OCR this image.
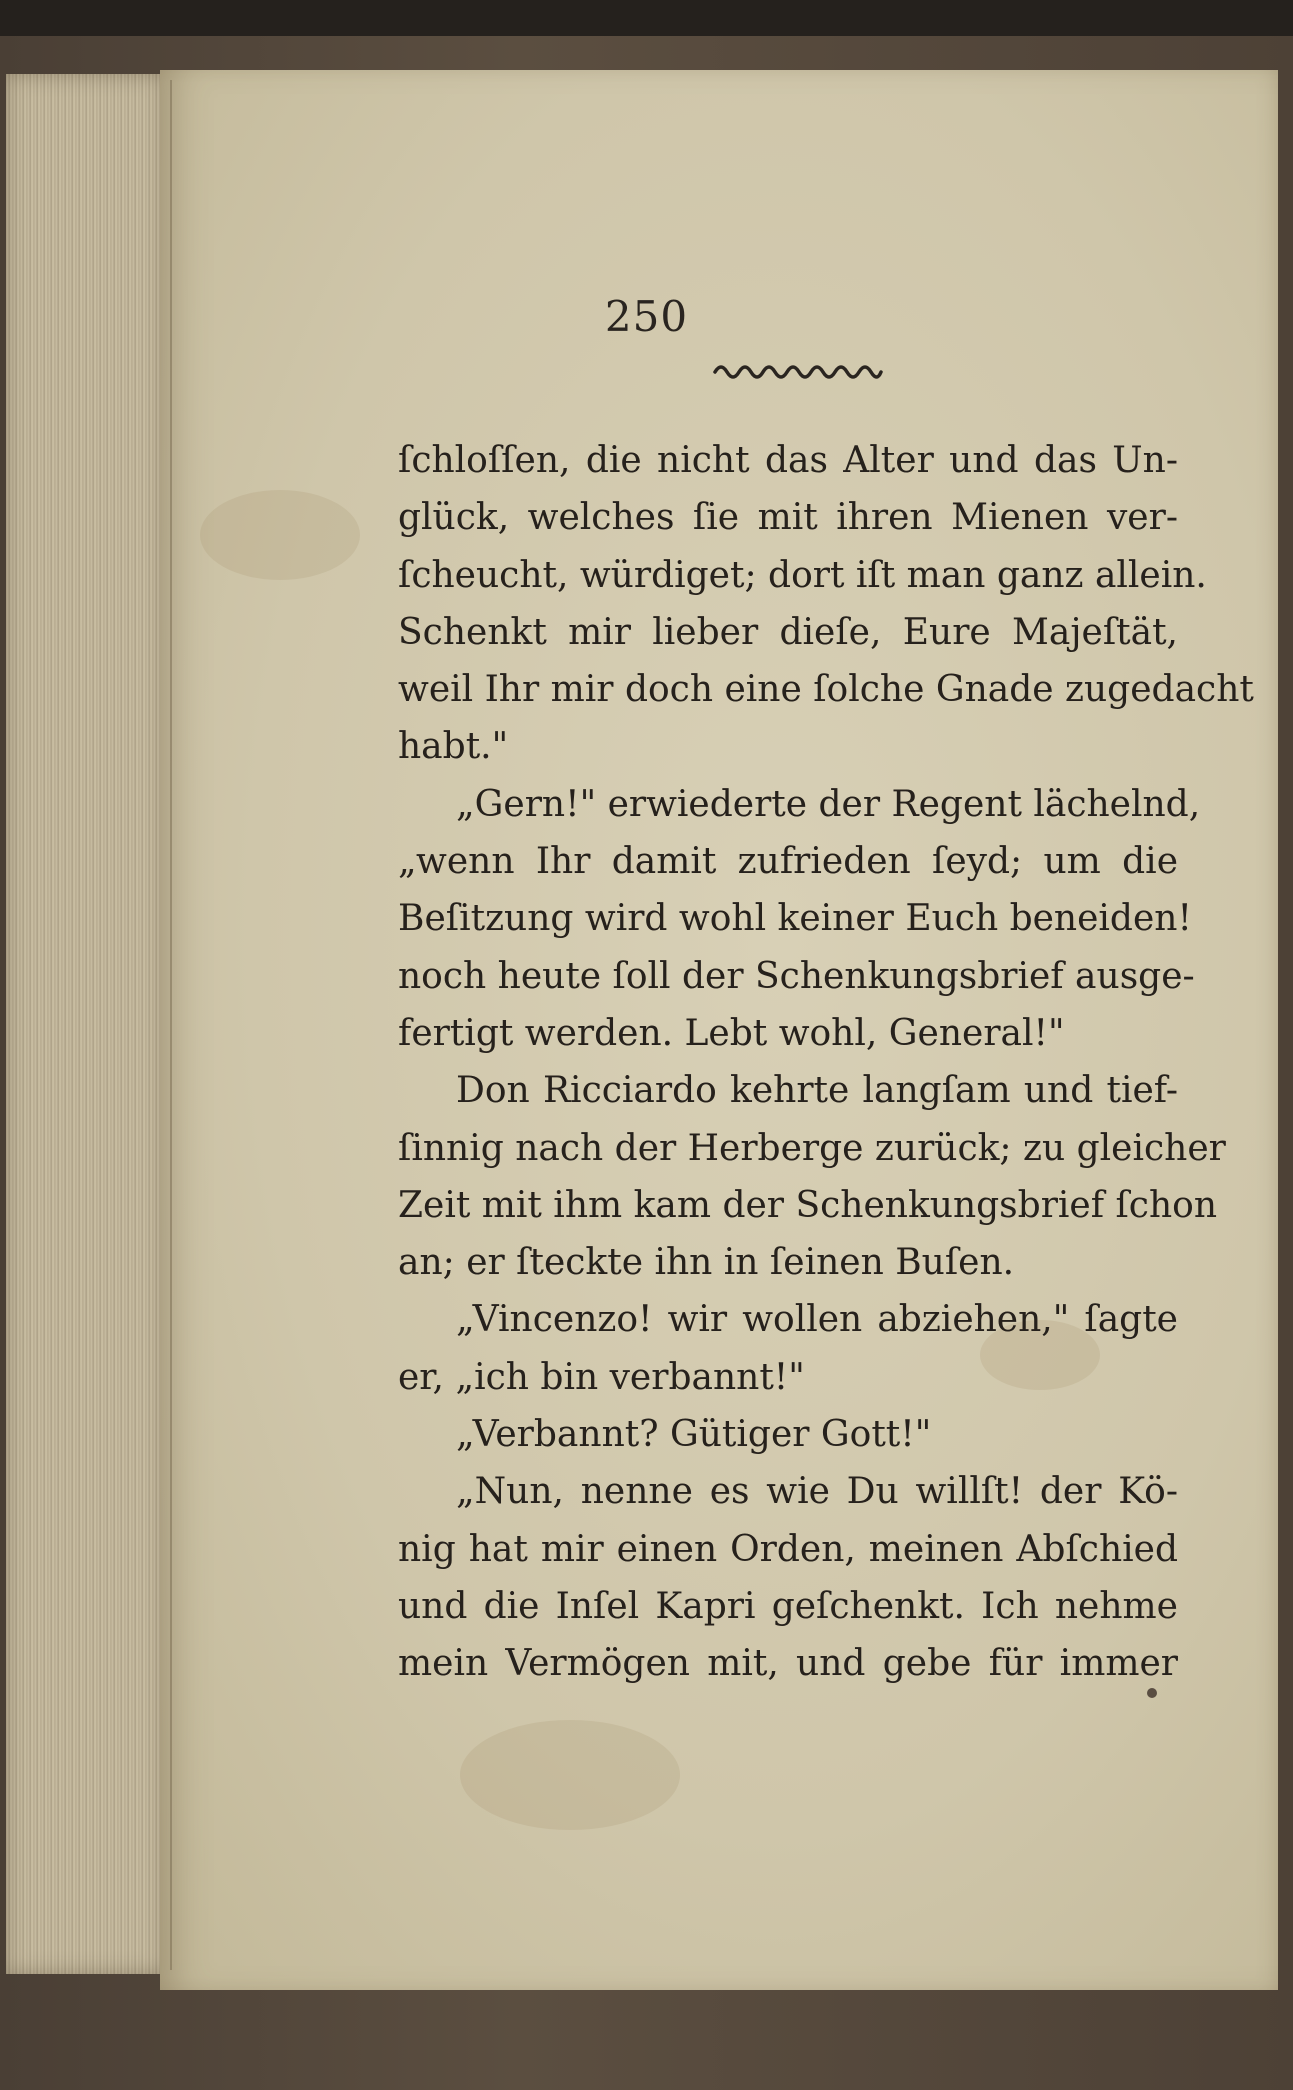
250
ſchloſſen, die nicht das Alter und das Un-
glück, welches ſie mit ihren Mienen ver-
ſcheucht, würdiget; dort iſt man ganz allein.
Schenkt mir lieber dieſe, Eure Majeſtät,
weil Ihr mir doch eine ſolche Gnade zugedacht
habt."
„Gern!" erwiederte der Regent lächelnd,
„wenn Ihr damit zufrieden ſeyd; um die
Beſitzung wird wohl keiner Euch beneiden!
noch heute ſoll der Schenkungsbrief ausge-
fertigt werden. Lebt wohl, General!"
Don Ricciardo kehrte langſam und tief-
ſinnig nach der Herberge zurück; zu gleicher
Zeit mit ihm kam der Schenkungsbrief ſchon
an; er ſteckte ihn in ſeinen Buſen.
„Vincenzo! wir wollen abziehen," ſagte
er, „ich bin verbannt!"
„Verbannt? Gütiger Gott!"
„Nun, nenne es wie Du willſt! der Kö-
nig hat mir einen Orden, meinen Abſchied
und die Inſel Kapri geſchenkt. Ich nehme
mein Vermögen mit, und gebe für immer
